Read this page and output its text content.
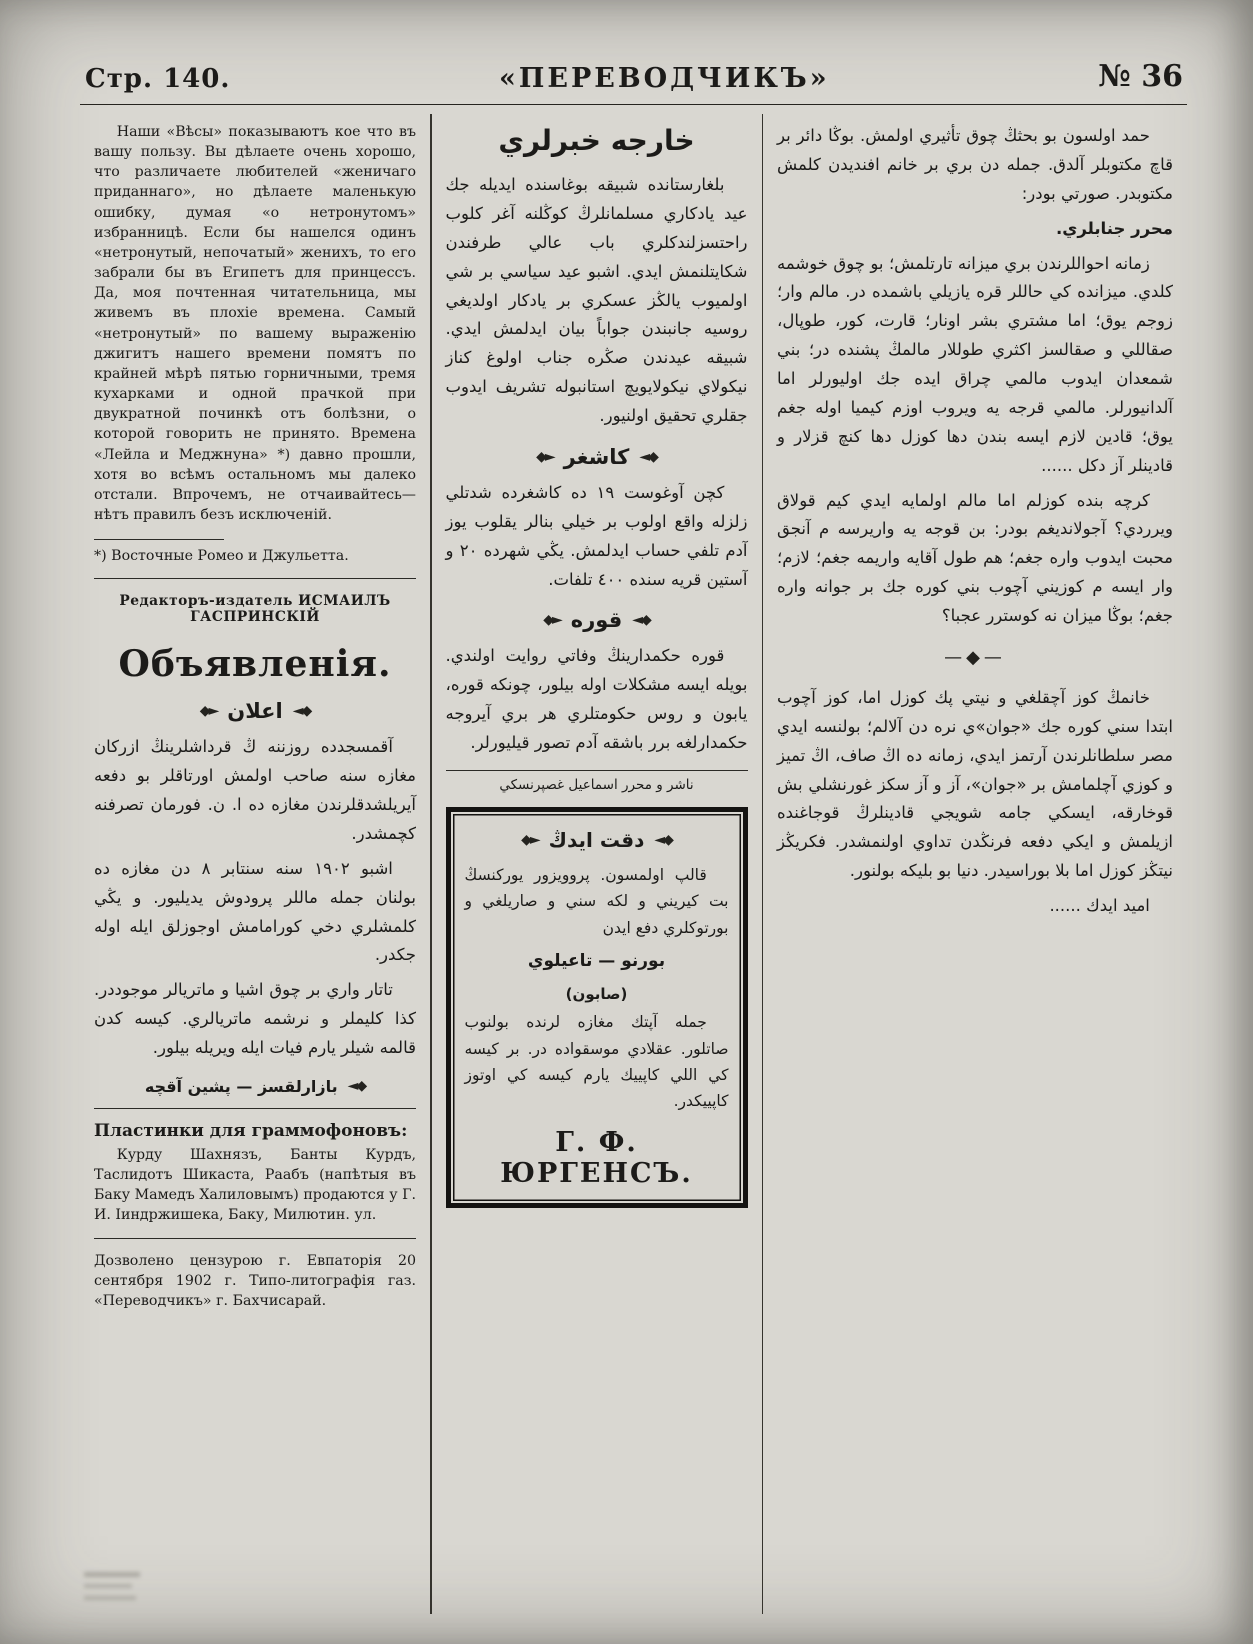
Стр. 140.	«ПЕРЕВОДЧИКЪ»	№ 36

Наши «Вѣсы» показываютъ кое что въ вашу пользу. Вы дѣлаете очень хорошо, что различаете любителей «женичаго приданнаго», но дѣлаете маленькую ошибку, думая «о нетронутомъ» избранницѣ. Если бы нашелся одинъ «нетронутый, непочатый» женихъ, то его забрали бы въ Египетъ для принцессъ. Да, моя почтенная читательница, мы живемъ въ плохіе времена. Самый «нетронутый» по вашему выраженію джигитъ нашего времени помятъ по крайней мѣрѣ пятью горничными, тремя кухарками и одной прачкой при двукратной починкѣ отъ болѣзни, о которой говорить не принято. Времена «Лейла и Меджнуна» *) давно прошли, хотя во всѣмъ остальномъ мы далеко отстали. Впрочемъ, не отчаивайтесь—нѣтъ правилъ безъ исключеній.

*) Восточные Ромео и Джульетта.

Редакторъ-издатель ИСМАИЛЪ ГАСПРИНСКІЙ
Объявленія.
◆◄
اعلان
►◆

آقمسجدده روزننه ڭ قرداشلرينڭ ازركان مغازه سنه صاحب اولمش اورتاقلر بو دفعه آيريلشدقلرندن مغازه ده ا. ن. فورمان تصرفنه كچمشدر.

اشبو ١٩٠٢ سنه سنتابر ٨ دن مغازه ده بولنان جمله ماللر پرودوش يديليور. و يڭي كلمشلري دخي كورامامش اوجوزلق ايله اوله جكدر.

تاتار واري بر چوق اشيا و ماتريالر موجوددر. كذا كليملر و نرشمه ماتريالري. كيسه كدن قالمه شيلر يارم فيات ايله ويريله بيلور.

◆◄
بازارلقسز — پشين آقچه
Пластинки для граммофоновъ:

Курду Шахнязъ, Банты Курдъ, Таслидотъ Шикаста, Раабъ (напѣтыя въ Баку Мамедъ Халиловымъ) продаются у Г. И. Іиндржишека, Баку, Милютин. ул.

Дозволено цензурою г. Евпаторія 20 сентября 1902 г. Типо-литографія газ. «Переводчикъ» г. Бахчисарай.

خارجه خبرلري

بلغارستانده شبيقه بوغاسنده ايديله جك عيد يادكاري مسلمانلرڭ كوڭلنه آغر كلوب راحتسزلندكلري باب عالي طرفندن شكايتلنمش ايدي. اشبو عيد سياسي بر شي اولميوب يالڭز عسكري بر يادكار اولديغي روسيه جانبندن جواباً بيان ايدلمش ايدي. شبيقه عيدندن صڭره جناب اولوغ كناز نيكولاي نيكولايويچ استانبوله تشريف ايدوب جقلري تحقيق اولنيور.

◆◄
كاشغر
►◆

كچن آوغوست ١٩ ده كاشغرده شدتلي زلزله واقع اولوب بر خيلي بنالر يقلوب يوز آدم تلفي حساب ايدلمش. يڭي شهرده ٢٠ و آستين قريه سنده ٤٠٠ تلفات.

◆◄
قوره
►◆

قوره حكمدارينڭ وفاتي روايت اولندي. بويله ايسه مشكلات اوله بيلور، چونكه قوره، يابون و روس حكومتلري هر بري آيروجه حكمدارلغه برر باشقه آدم تصور قيليورلر.

ناشر و محرر اسماعيل غصپرنسكي
◆◄
دقت ايدڭ
►◆

قالپ اولمسون. پروويزور يوركنسڭ بت كيريني و لكه سني و صاريلغي و بورتوكلري دفع ايدن

بورنو — تاعيلوي

(صابون)

جمله آپتك مغازه لرنده بولنوب صاتلور. عقلادي موسقواده در. بر كيسه كي اللي كاپييك يارم كيسه كي اوتوز كاپييكدر.

Г. Ф. ЮРГЕНСЪ.

حمد اولسون بو بحثڭ چوق تأثيري اولمش. بوڭا دائر بر قاچ مكتوبلر آلدق. جمله دن بري بر خانم افنديدن كلمش مكتوبدر. صورتي بودر:

محرر جنابلري.

زمانه احواللرندن بري ميزانه تارتلمش؛ بو چوق خوشمه كلدي. ميزانده كي حاللر قره يازيلي باشمده در. مالم وار؛ زوجم يوق؛ اما مشتري بشر اونار؛ قارت، كور، طوپال، صقاللي و صقالسز اكثري طوللار مالمڭ پشنده در؛ بني شمعدان ايدوب مالمي چراق ايده جك اوليورلر اما آلدانيورلر. مالمي قرجه يه ويروب اوزم كيميا اوله جغم يوق؛ قادين لازم ايسه بندن دها كوزل دها كنچ قزلار و قادينلر آز دكل ......

كرچه بنده كوزلم اما مالم اولمايه ايدي كيم قولاق ويرردي؟ آجولانديغم بودر: بن قوجه يه واريرسه م آنجق محبت ايدوب واره جغم؛ هم طول آقايه واريمه جغم؛ لازم؛ وار ايسه م كوزيني آچوب بني كوره جك بر جوانه واره جغم؛ بوڭا ميزان نه كوسترر عجبا؟

—◆—

خانمڭ كوز آچقلغي و نيتي پك كوزل اما، كوز آچوب ابتدا سني كوره جك «جوان»ي نره دن آلالم؛ بولنسه ايدي مصر سلطانلرندن آرتمز ايدي، زمانه ده اڭ صاف، اڭ تميز و كوزي آچلمامش بر «جوان»، آز و آز سكز غورنشلي بش قوخارقه، ايسكي جامه شويجي قادينلرڭ قوجاغنده ازيلمش و ايكي دفعه فرنڭدن تداوي اولنمشدر. فكريڭز نيتڭز كوزل اما بلا بوراسيدر. دنيا بو بليكه بولنور.

اميد ايدك ......
